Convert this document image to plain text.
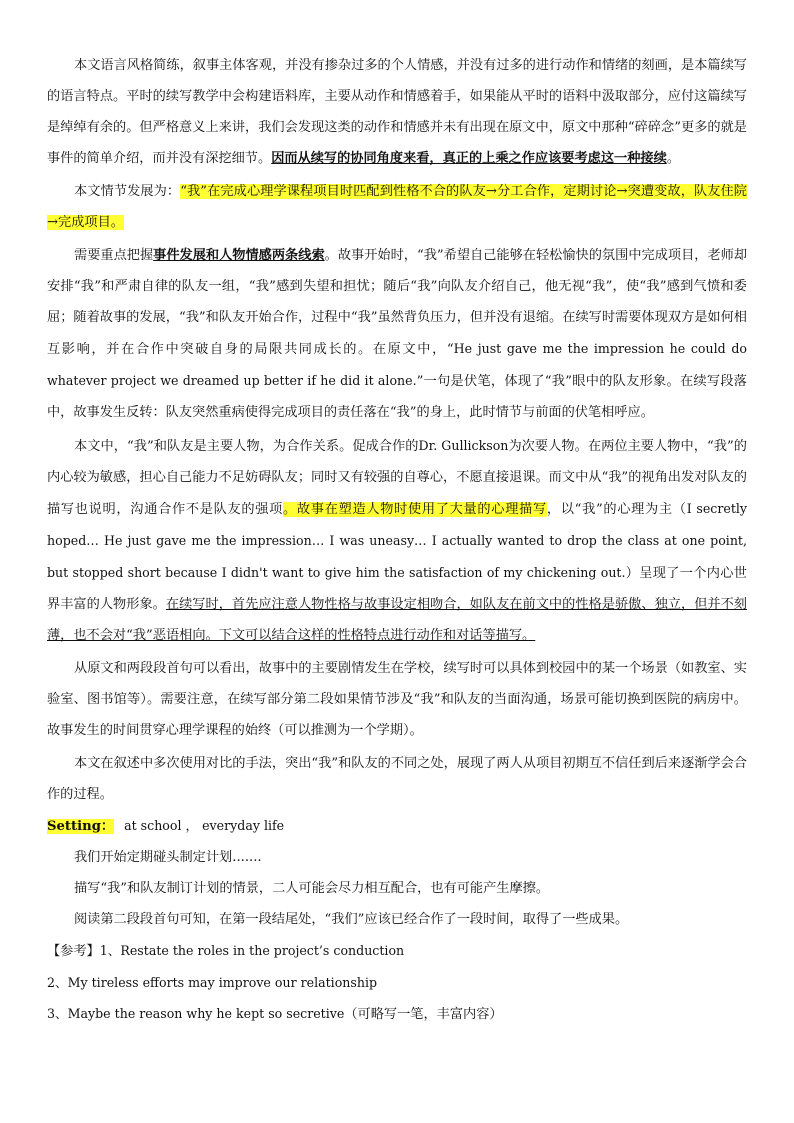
本文语言风格简练，叙事主体客观，并没有掺杂过多的个人情感，并没有过多的进行动作和情绪的刻画，是本篇续写的语言特点。平时的续写教学中会构建语料库，主要从动作和情感着手，如果能从平时的语料中汲取部分，应付这篇续写是绰绰有余的。但严格意义上来讲，我们会发现这类的动作和情感并未有出现在原文中，原文中那种“碎碎念”更多的就是事件的简单介绍，而并没有深挖细节。因而从续写的协同角度来看，真正的上乘之作应该要考虑这一种接续。

本文情节发展为：“我”在完成心理学课程项目时匹配到性格不合的队友→分工合作，定期讨论→突遭变故，队友住院→完成项目。

需要重点把握事件发展和人物情感两条线索。故事开始时，“我”希望自己能够在轻松愉快的氛围中完成项目，老师却安排“我”和严肃自律的队友一组，“我”感到失望和担忧；随后“我”向队友介绍自己，他无视“我”，使“我”感到气愤和委屈；随着故事的发展，“我”和队友开始合作，过程中“我”虽然背负压力，但并没有退缩。在续写时需要体现双方是如何相互影响，并在合作中突破自身的局限共同成长的。在原文中，“He just gave me the impression he could do whatever project we dreamed up better if he did it alone.”一句是伏笔，体现了“我”眼中的队友形象。在续写段落中，故事发生反转：队友突然重病使得完成项目的责任落在“我”的身上，此时情节与前面的伏笔相呼应。

本文中，“我”和队友是主要人物，为合作关系。促成合作的Dr. Gullickson为次要人物。在两位主要人物中，“我”的内心较为敏感，担心自己能力不足妨碍队友；同时又有较强的自尊心，不愿直接退课。而文中从“我”的视角出发对队友的描写也说明，沟通合作不是队友的强项。故事在塑造人物时使用了大量的心理描写，以“我”的心理为主（I secretly hoped… He just gave me the impression… I was uneasy… I actually wanted to drop the class at one point, but stopped short because I didn't want to give him the satisfaction of my chickening out.）呈现了一个内心世界丰富的人物形象。在续写时，首先应注意人物性格与故事设定相吻合，如队友在前文中的性格是骄傲、独立，但并不刻薄，也不会对“我”恶语相向。下文可以结合这样的性格特点进行动作和对话等描写。

从原文和两段段首句可以看出，故事中的主要剧情发生在学校，续写时可以具体到校园中的某一个场景（如教室、实验室、图书馆等）。需要注意，在续写部分第二段如果情节涉及“我”和队友的当面沟通，场景可能切换到医院的病房中。故事发生的时间贯穿心理学课程的始终（可以推测为一个学期）。

本文在叙述中多次使用对比的手法，突出“我”和队友的不同之处，展现了两人从项目初期互不信任到后来逐渐学会合作的过程。

Setting： at school ， everyday life

我们开始定期碰头制定计划.......

描写“我”和队友制订计划的情景，二人可能会尽力相互配合，也有可能产生摩擦。

阅读第二段段首句可知，在第一段结尾处，“我们”应该已经合作了一段时间，取得了一些成果。

【参考】1、Restate the roles in the project’s conduction

2、My tireless efforts may improve our relationship

3、Maybe the reason why he kept so secretive（可略写一笔，丰富内容）
